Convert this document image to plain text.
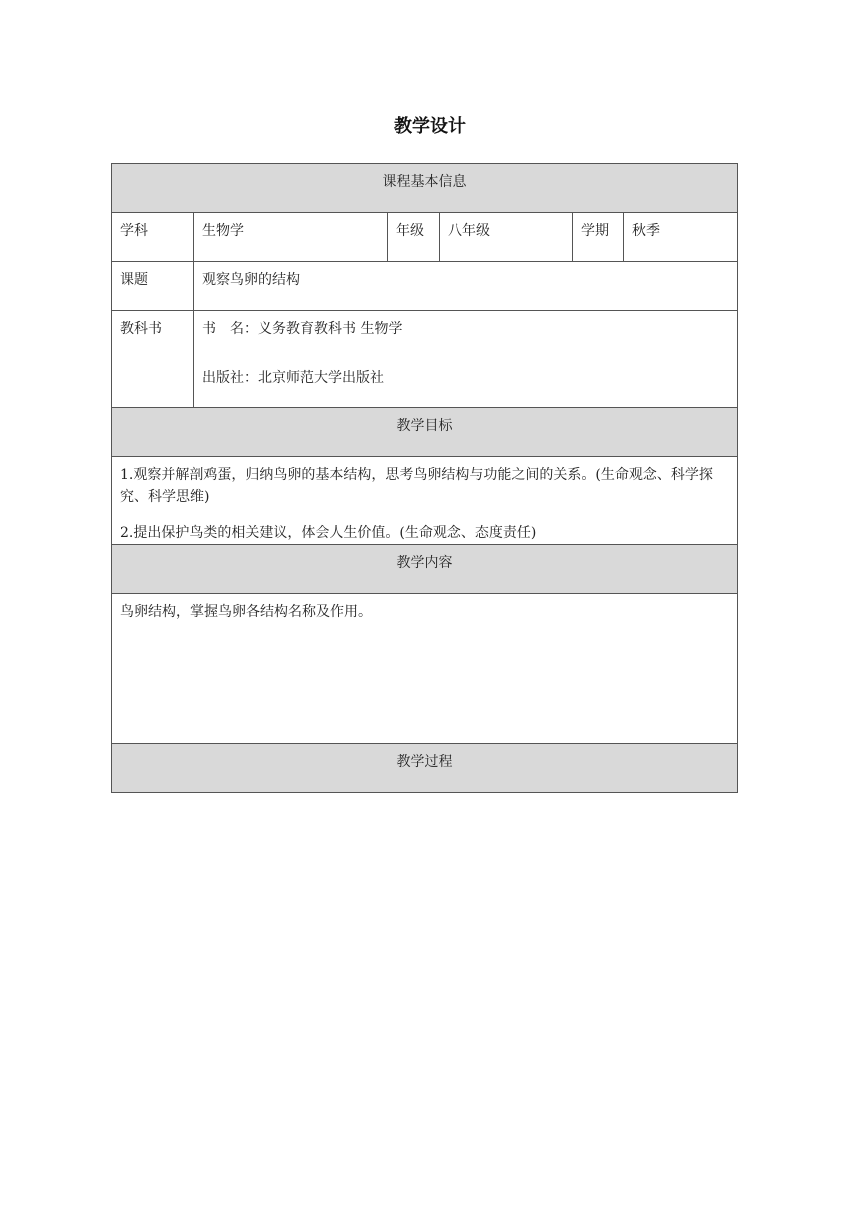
教学设计
课程基本信息					
学科	生物学	年级	八年级	学期	秋季
课题	观察鸟卵的结构				
教科书	书　名：义务教育教科书 生物学

出版社：北京师范大学出版社				

教学目标					

1.观察并解剖鸡蛋，归纳鸟卵的基本结构，思考鸟卵结构与功能之间的关系。(生命观念、科学探究、科学思维)

2.提出保护鸟类的相关建议，体会人生价值。(生命观念、态度责任)					

教学内容					
鸟卵结构，掌握鸟卵各结构名称及作用。					
教学过程					
